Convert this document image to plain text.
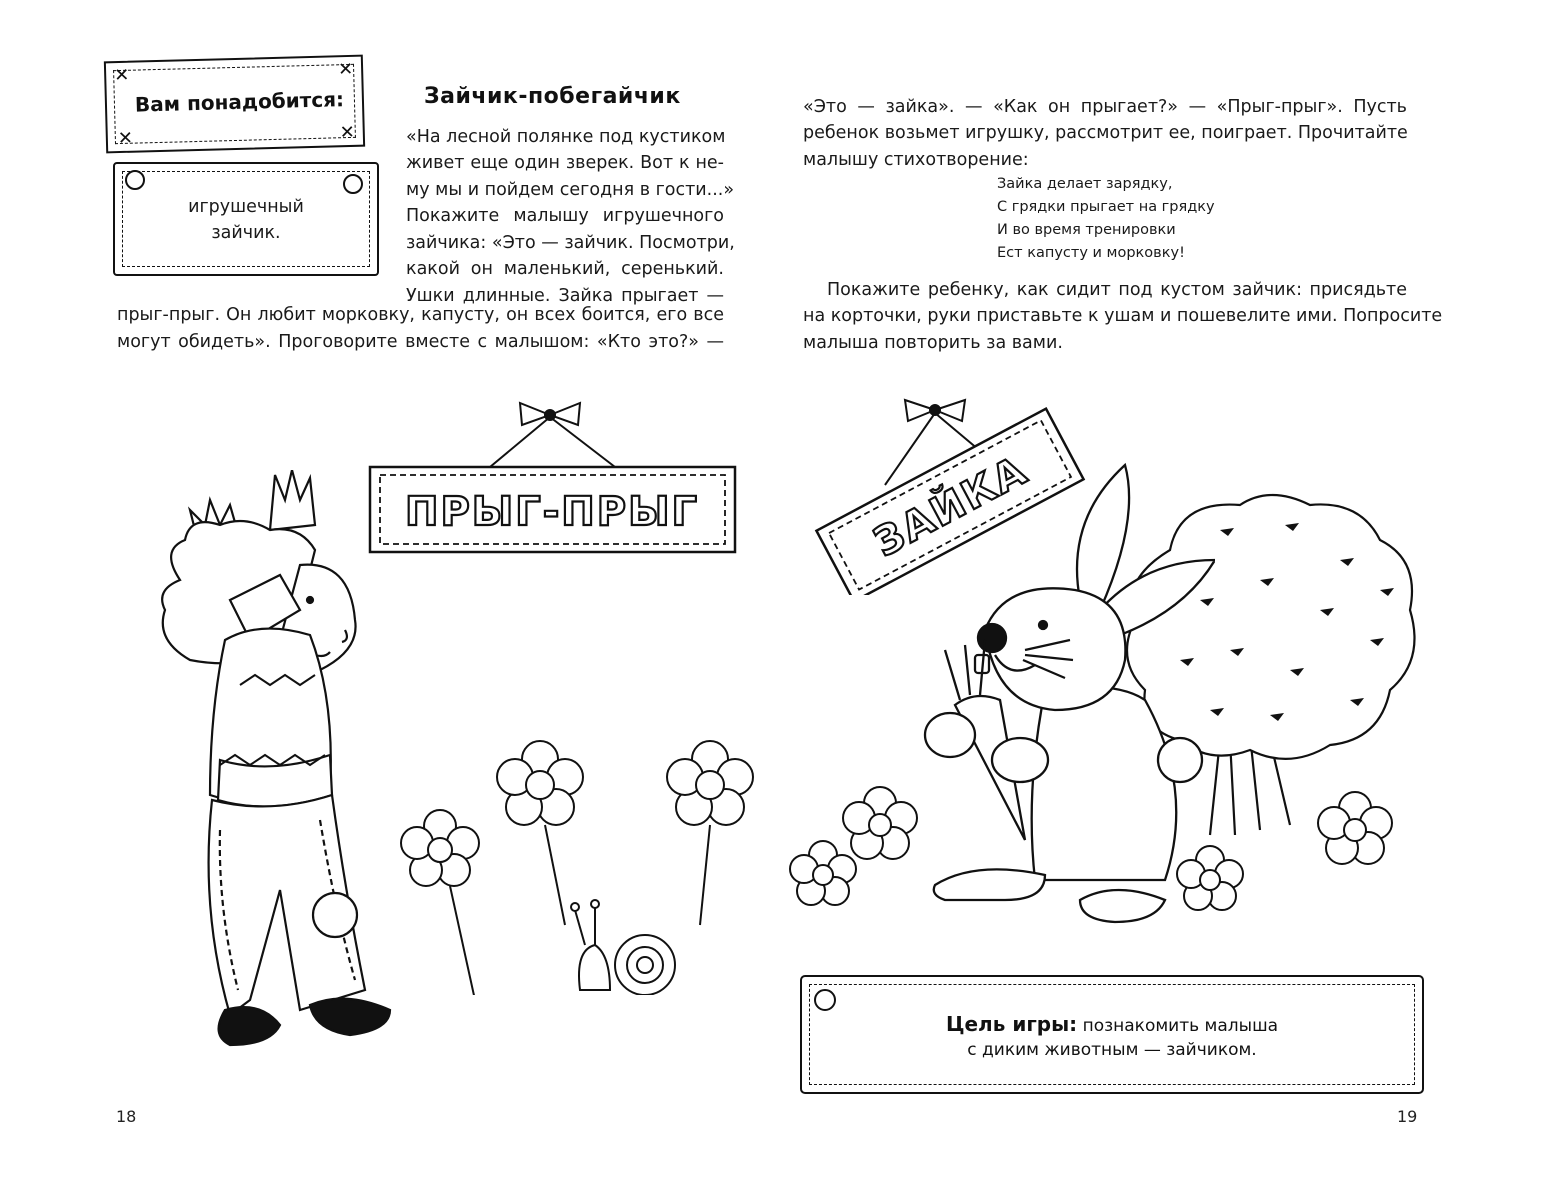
✕	✕
✕	✕
Вам понадобится:
игрушечный
зайчик.
Зайчик-побегайчик
«На лесной полянке под кустиком
живет еще один зверек. Вот к не-
му мы и пойдем сегодня в гости...»
Покажите малышу игрушечного
зайчика: «Это — зайчик. Посмотри,
какой он маленький, серенький.
Ушки длинные. Зайка прыгает —
прыг-прыг. Он любит морковку, капусту, он всех боится, его все
могут обидеть». Проговорите вместе с малышом: «Кто это?» —
ПРЫГ-ПРЫГ
18
«Это — зайка». — «Как он прыгает?» — «Прыг-прыг». Пусть
ребенок возьмет игрушку, рассмотрит ее, поиграет. Прочитайте
малышу стихотворение:
Зайка делает зарядку,
С грядки прыгает на грядку
И во время тренировки
Ест капусту и морковку!
Покажите ребенку, как сидит под кустом зайчик: присядьте
на корточки, руки приставьте к ушам и пошевелите ими. Попросите
малыша повторить за вами.
ЗАЙКА
Цель игры: познакомить малыша
с диким животным — зайчиком.
19
